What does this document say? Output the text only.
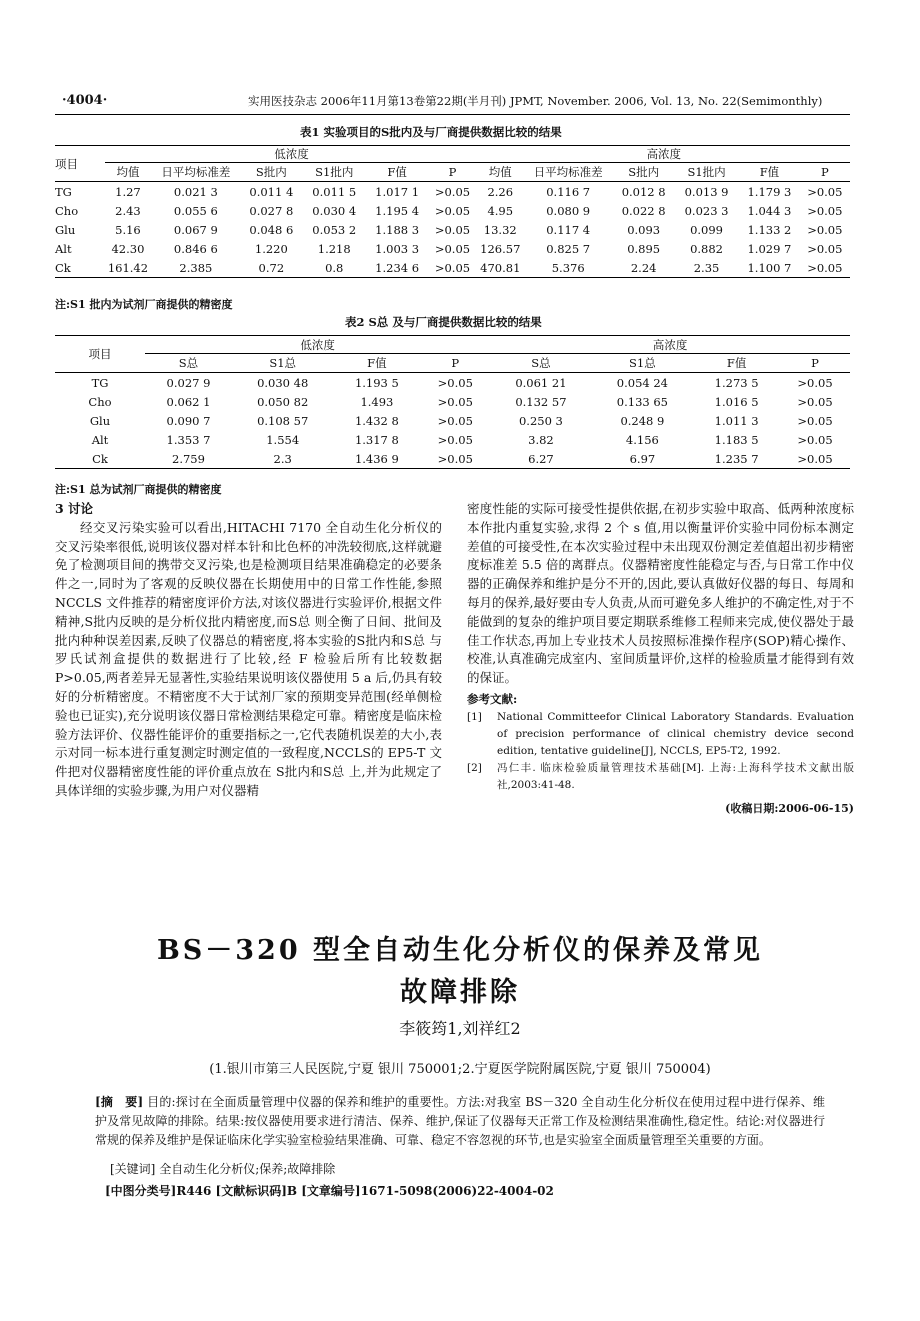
·4004·	实用医技杂志 2006年11月第13卷第22期(半月刊) JPMT, November. 2006, Vol. 13, No. 22(Semimonthly)
表1 实验项目的S批内及与厂商提供数据比较的结果
项目	低浓度						高浓度					
	均值	日平均标准差	S批内	S1批内	F值	P	均值	日平均标准差	S批内	S1批内	F值	P
TG	1.27	0.021 3	0.011 4	0.011 5	1.017 1	>0.05	2.26	0.116 7	0.012 8	0.013 9	1.179 3	>0.05
Cho	2.43	0.055 6	0.027 8	0.030 4	1.195 4	>0.05	4.95	0.080 9	0.022 8	0.023 3	1.044 3	>0.05
Glu	5.16	0.067 9	0.048 6	0.053 2	1.188 3	>0.05	13.32	0.117 4	0.093	0.099	1.133 2	>0.05
Alt	42.30	0.846 6	1.220	1.218	1.003 3	>0.05	126.57	0.825 7	0.895	0.882	1.029 7	>0.05
Ck	161.42	2.385	0.72	0.8	1.234 6	>0.05	470.81	5.376	2.24	2.35	1.100 7	>0.05
注:S1 批内为试剂厂商提供的精密度
表2 S总 及与厂商提供数据比较的结果
项目	低浓度				高浓度			
	S总	S1总	F值	P	S总	S1总	F值	P
TG	0.027 9	0.030 48	1.193 5	>0.05	0.061 21	0.054 24	1.273 5	>0.05
Cho	0.062 1	0.050 82	1.493	>0.05	0.132 57	0.133 65	1.016 5	>0.05
Glu	0.090 7	0.108 57	1.432 8	>0.05	0.250 3	0.248 9	1.011 3	>0.05
Alt	1.353 7	1.554	1.317 8	>0.05	3.82	4.156	1.183 5	>0.05
Ck	2.759	2.3	1.436 9	>0.05	6.27	6.97	1.235 7	>0.05
注:S1 总为试剂厂商提供的精密度
3 讨论
经交叉污染实验可以看出,HITACHI 7170 全自动生化分析仪的交叉污染率很低,说明该仪器对样本针和比色杯的冲洗较彻底,这样就避免了检测项目间的携带交叉污染,也是检测项目结果准确稳定的必要条件之一,同时为了客观的反映仪器在长期使用中的日常工作性能,参照 NCCLS 文件推荐的精密度评价方法,对该仪器进行实验评价,根据文件精神,S批内反映的是分析仪批内精密度,而S总 则全衡了日间、批间及批内种种误差因素,反映了仪器总的精密度,将本实验的S批内和S总 与罗氏试剂盒提供的数据进行了比较,经 F 检验后所有比较数据 P>0.05,两者差异无显著性,实验结果说明该仪器使用 5 a 后,仍具有较好的分析精密度。不精密度不大于试剂厂家的预期变异范围(经单侧检验也已证实),充分说明该仪器日常检测结果稳定可靠。精密度是临床检验方法评价、仪器性能评价的重要指标之一,它代表随机误差的大小,表示对同一标本进行重复测定时测定值的一致程度,NCCLS的 EP5-T 文件把对仪器精密度性能的评价重点放在 S批内和S总 上,并为此规定了具体详细的实验步骤,为用户对仪器精
密度性能的实际可接受性提供依据,在初步实验中取高、低两种浓度标本作批内重复实验,求得 2 个 s 值,用以衡量评价实验中同份标本测定差值的可接受性,在本次实验过程中未出现双份测定差值超出初步精密度标准差 5.5 倍的离群点。仪器精密度性能稳定与否,与日常工作中仪器的正确保养和维护是分不开的,因此,要认真做好仪器的每日、每周和每月的保养,最好要由专人负责,从而可避免多人维护的不确定性,对于不能做到的复杂的维护项目要定期联系维修工程师来完成,使仪器处于最佳工作状态,再加上专业技术人员按照标准操作程序(SOP)精心操作、校准,认真准确完成室内、室间质量评价,这样的检验质量才能得到有效的保证。
参考文献:
[1]	National Committeefor Clinical Laboratory Standards. Evaluation of precision performance of clinical chemistry device second edition, tentative guideline[J], NCCLS, EP5-T2, 1992.
[2]	冯仁丰. 临床检验质量管理技术基础[M]. 上海:上海科学技术文献出版社,2003:41-48.
(收稿日期:2006-06-15)
BS－320 型全自动生化分析仪的保养及常见
故障排除
李筱筠1,刘祥红2
(1.银川市第三人民医院,宁夏 银川 750001;2.宁夏医学院附属医院,宁夏 银川 750004)
[摘　要] 目的:探讨在全面质量管理中仪器的保养和维护的重要性。方法:对我室 BS－320 全自动生化分析仪在使用过程中进行保养、维护及常见故障的排除。结果:按仪器使用要求进行清洁、保养、维护,保证了仪器每天正常工作及检测结果准确性,稳定性。结论:对仪器进行常规的保养及维护是保证临床化学实验室检验结果准确、可靠、稳定不容忽视的环节,也是实验室全面质量管理至关重要的方面。
[关键词] 全自动生化分析仪;保养;故障排除
[中图分类号]R446 [文献标识码]B [文章编号]1671-5098(2006)22-4004-02
